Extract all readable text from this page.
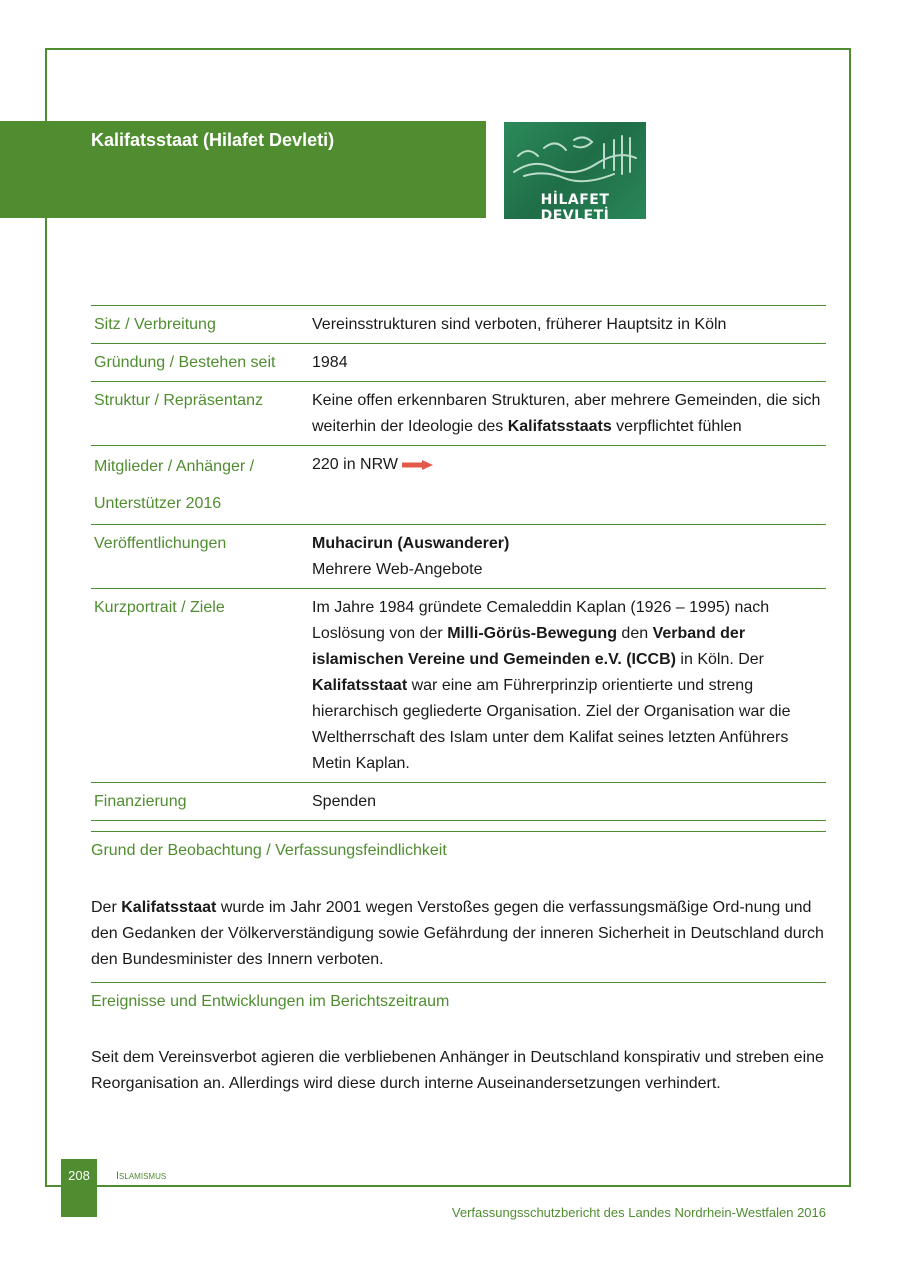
Kalifatsstaat (Hilafet Devleti)
HİLAFET DEVLETİ
Sitz / Verbreitung	Vereinsstrukturen sind verboten, früherer Hauptsitz in Köln
Gründung / Bestehen seit	1984
Struktur / Repräsentanz	Keine offen erkennbaren Strukturen, aber mehrere Gemeinden, die sich weiterhin der Ideologie des Kalifatsstaats verpflichtet fühlen
Mitglieder / Anhänger /
Unterstützer 2016	220 in NRW
Veröffentlichungen	Muhacirun (Auswanderer)
Mehrere Web-Angebote
Kurzportrait / Ziele	Im Jahre 1984 gründete Cemaleddin Kaplan (1926 – 1995) nach Loslösung von der Milli-Görüs-Bewegung den Verband der islamischen Vereine und Gemeinden e.V. (ICCB) in Köln. Der Kalifatsstaat war eine am Führerprinzip orientierte und streng hierarchisch gegliederte Organisation. Ziel der Organisation war die Weltherrschaft des Islam unter dem Kalifat seines letzten Anführers Metin Kaplan.
Finanzierung	Spenden
Grund der Beobachtung / Verfassungsfeindlichkeit
Der Kalifatsstaat wurde im Jahr 2001 wegen Verstoßes gegen die verfassungsmäßige Ord-nung und den Gedanken der Völkerverständigung sowie Gefährdung der inneren Sicherheit in Deutschland durch den Bundesminister des Innern verboten.
Ereignisse und Entwicklungen im Berichtszeitraum
Seit dem Vereinsverbot agieren die verbliebenen Anhänger in Deutschland konspirativ und streben eine Reorganisation an. Allerdings wird diese durch interne Auseinandersetzungen verhindert.
208	Islamismus
Verfassungsschutzbericht des Landes Nordrhein-Westfalen 2016
